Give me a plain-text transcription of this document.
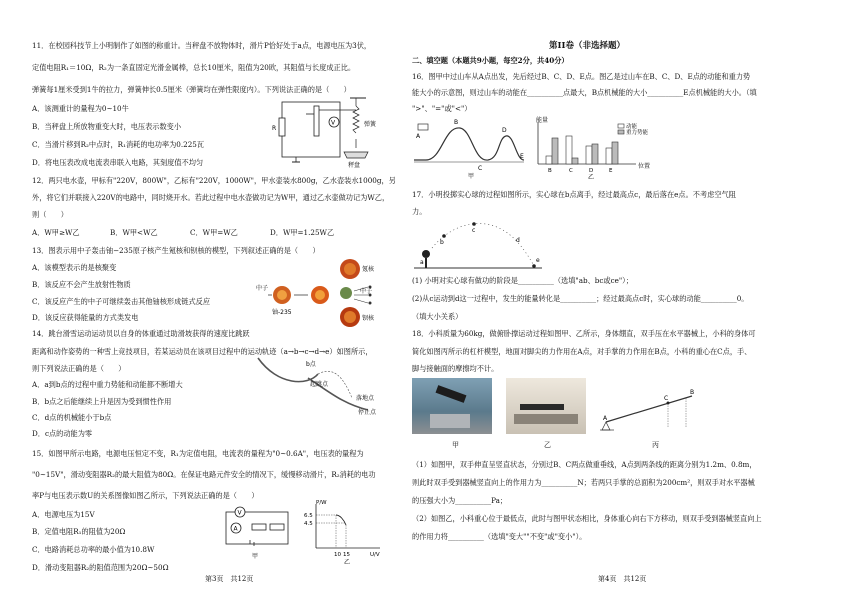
11．在校园科技节上小明制作了如图的称重计。当秤盘不放物体时，滑片P恰好处于a点，电源电压为3伏，
定值电阻R₁＝10Ω，R₂为一条直固定光滑金属棒，总长10厘米，阻值为20欧，其阻值与长度成正比。
弹簧每1厘米受到1牛的拉力，弹簧伸长0.5厘米（弹簧均在弹性限度内）。下列说法正确的是（　　）
A．该测重计的量程为0~10牛
B．当秤盘上所放物重变大时，电压表示数变小
C．当滑片移到R₂中点时，R₁消耗的电功率为0.225瓦
D．将电压表改成电流表串联入电路，其刻度值不均匀
12．两只电水壶，甲标有"220V，800W"，乙标有"220V，1000W"，甲水壶装水800g，乙水壶装水1000g，另
外，将它们并联接入220V的电路中，同时烧开水。若此过程中电水壶做功记为W甲，通过乙水壶做功记为W乙，
则（　　）
A．W甲≥W乙	B．W甲<W乙	C．W甲=W乙	D．W甲=1.25W乙
13．图表示用中子轰击铀−235原子核产生氪核和钡核的模型，下列叙述正确的是（　　）
A．该模型表示的是核聚变
B．该反应不会产生放射性物质
C．该反应产生的中子可继续轰击其他铀核形成链式反应
D．该反应获得能量的方式类发电
14．跳台滑雪运动运动员以自身的体重通过助滑坡获得的速度比跳跃
距离和动作姿势的一种雪上竞技项目，若某运动员在该项目过程中的运动轨迹（a→b→c→d→e）如图所示，
则下列说法正确的是（　　）
A．a到b点的过程中重力势能和动能都不断增大
B．b点之后能继续上升是因为受到惯性作用
C．d点的机械能小于b点
D．c点的动能为零
15．如图甲所示电路，电源电压恒定不变，R₁为定值电阻，电流表的量程为"0~0.6A"，电压表的量程为
"0~15V"，滑动变阻器R₂的最大阻值为80Ω。在保证电路元件安全的情况下，缓慢移动滑片，R₂消耗的电功
率P与电压表示数U的关系图像如图乙所示，下列说法正确的是（　　）
A．电源电压为15V
B．定值电阻R₁的阻值为20Ω
C．电路消耗总功率的最小值为10.8W
D．滑动变阻器R₂的阻值范围为20Ω~50Ω
R
V	弹簧
秤盘
氪核
中子	中子
铀-235
钡核
b点
起跳点
落地点
停止点
V
A
甲
P/W
U/V
6.5
4.5
10 15
乙
第3页　共12页
第II卷（非选择题）
二、填空题（本题共9小题，每空2分，共40分）
16．图甲中过山车从A点出发，先后经过B、C、D、E点。图乙是过山车在B、C、D、E点的动能和重力势
能大小的示意图，则过山车的动能在__________点最大，B点机械能的大小__________E点机械能的大小。（填
">"、"="或"<"）
17．小明投掷实心球的过程如图所示，实心球在b点离手，经过最高点c，最后落在e点。不考虑空气阻
力。
(1) 小明对实心球有做功的阶段是__________（选填"ab、bc或ce"）；
(2)从c运动到d这一过程中，发生的能量转化是__________；经过最高点c时，实心球的动能__________0。
（填大小关系）
18．小科质量为60kg，做俯卧撑运动过程如图甲、乙所示，身体绷直，双手压在水平器械上，小科的身体可
简化如图丙所示的杠杆模型，地面对脚尖的力作用在A点，对手掌的力作用在B点，小科的重心在C点，手、
脚与接触面的摩擦均不计。
（1）如图甲，双手伸直呈竖直状态，分别过B、C两点做重垂线，A点到两条线的距离分别为1.2m、0.8m，
则此时双手受到器械竖直向上的作用力为__________N；若两只手掌的总面积为200cm²，则双手对水平器械
的压强大小为__________Pa；
（2）如图乙，小科重心位于最低点，此时与图甲状态相比，身体重心向右下方移动，则双手受到器械竖直向上
的作用力将__________（选填"变大""不变"或"变小"）。
A
B
C
D
E
甲
能量
位置
动能
重力势能
B	C	D	E
乙
a
b
c
d
e
A
C
B
甲	乙	丙
第4页　共12页
